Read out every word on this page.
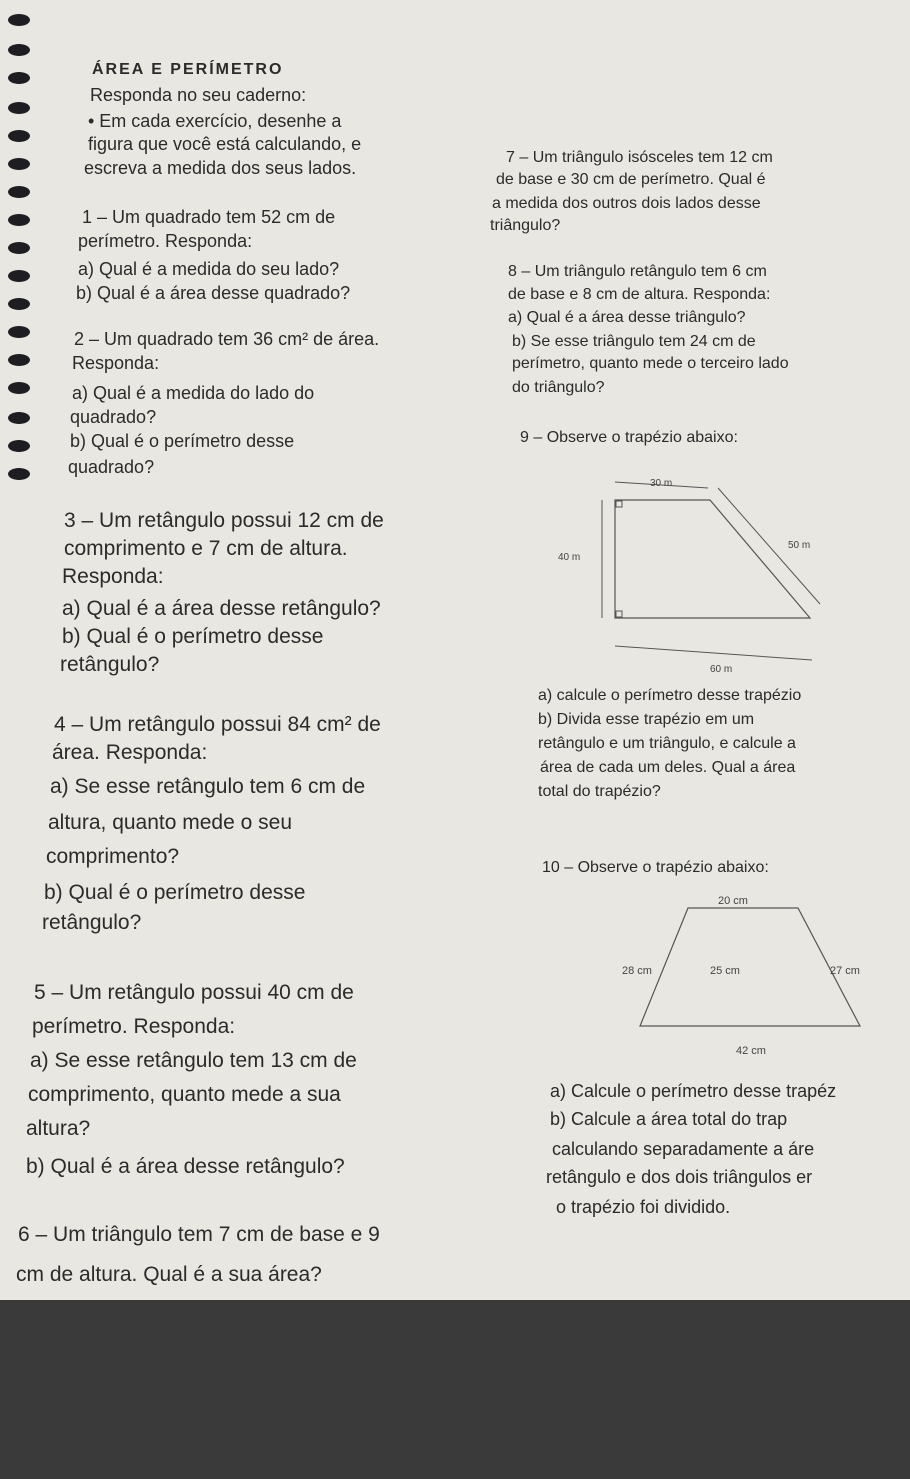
ÁREA E PERÍMETRO

Responda no seu caderno:

• Em cada exercício, desenhe a

figura que você está calculando, e

escreva a medida dos seus lados.

1 – Um quadrado tem 52 cm de

perímetro. Responda:

a) Qual é a medida do seu lado?

b) Qual é a área desse quadrado?

2 – Um quadrado tem 36 cm² de área.

Responda:

a) Qual é a medida do lado do

quadrado?

b) Qual é o perímetro desse

quadrado?

3 – Um retângulo possui 12 cm de

comprimento e 7 cm de altura.

Responda:

a) Qual é a área desse retângulo?

b) Qual é o perímetro desse

retângulo?

4 – Um retângulo possui 84 cm² de

área. Responda:

a) Se esse retângulo tem 6 cm de

altura, quanto mede o seu

comprimento?

b) Qual é o perímetro desse

retângulo?

5 – Um retângulo possui 40 cm de

perímetro. Responda:

a) Se esse retângulo tem 13 cm de

comprimento, quanto mede a sua

altura?

b) Qual é a área desse retângulo?

6 – Um triângulo tem 7 cm de base e 9

cm de altura. Qual é a sua área?

7 – Um triângulo isósceles tem 12 cm

de base e 30 cm de perímetro. Qual é

a medida dos outros dois lados desse

triângulo?

8 – Um triângulo retângulo tem 6 cm

de base e 8 cm de altura. Responda:

a) Qual é a área desse triângulo?

b) Se esse triângulo tem 24 cm de

perímetro, quanto mede o terceiro lado

do triângulo?

9 – Observe o trapézio abaixo:

30 m
40 m
50 m
60 m

a) calcule o perímetro desse trapézio

b) Divida esse trapézio em um

retângulo e um triângulo, e calcule a

área de cada um deles. Qual a área

total do trapézio?

10 – Observe o trapézio abaixo:

20 cm
28 cm	25 cm	27 cm
42 cm

a) Calcule o perímetro desse trapéz

b) Calcule a área total do trap

calculando separadamente a áre

retângulo e dos dois triângulos er

o trapézio foi dividido.
